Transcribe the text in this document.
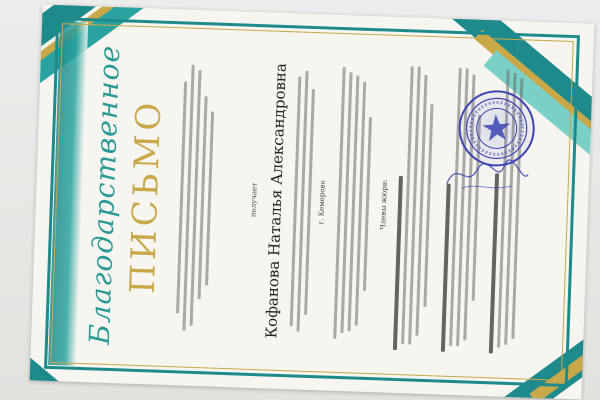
Благодарственное
ПИСЬМО	получает Кофанова Наталья Александровна	г. Кемерово	Члены жюри:
